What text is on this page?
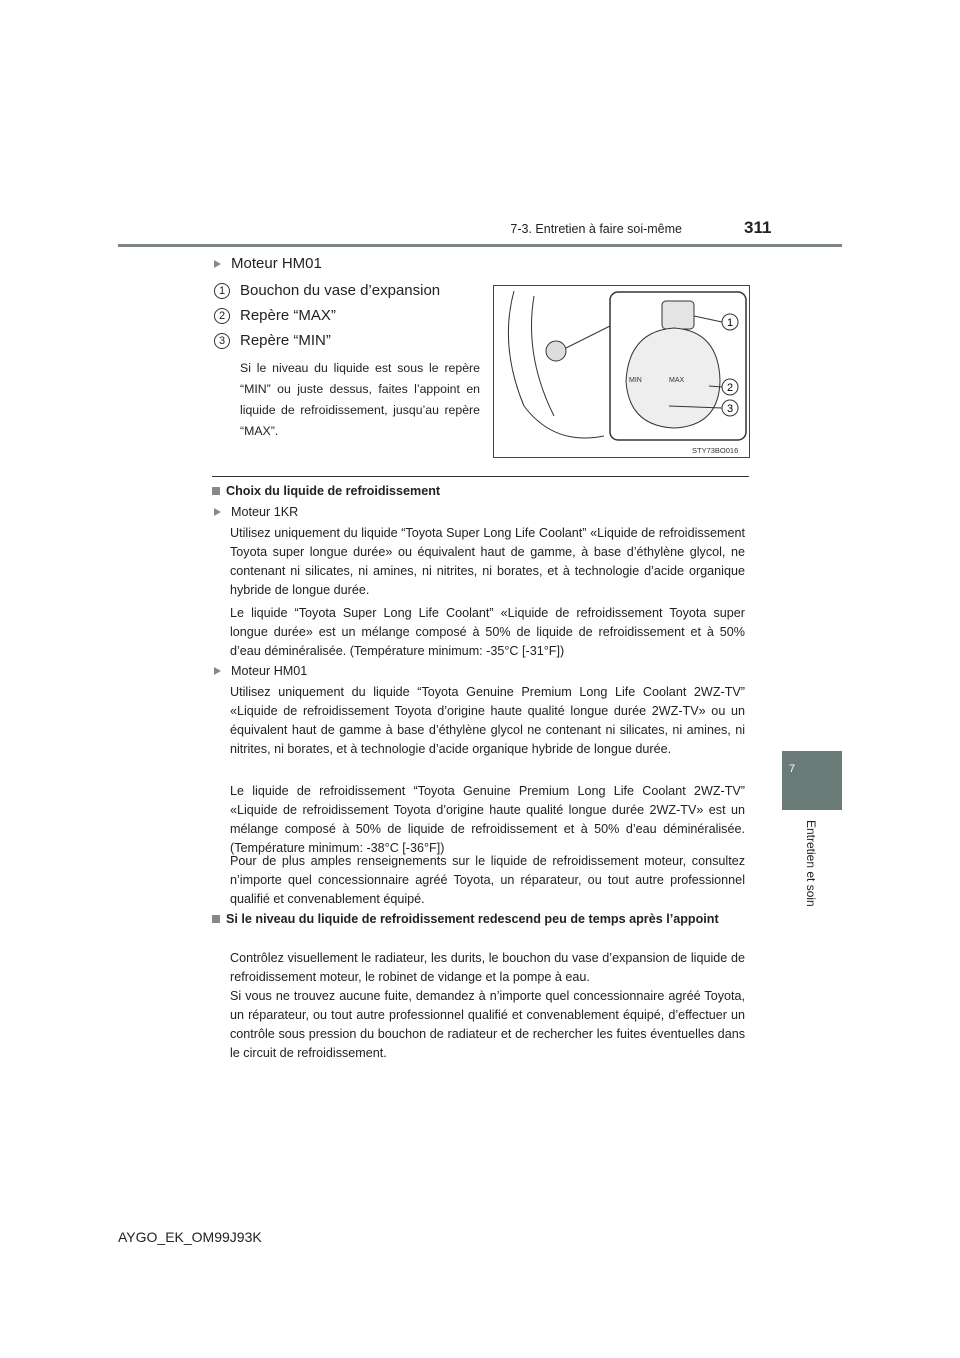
7-3. Entretien à faire soi-même	311
7
Entretien et soin
Moteur HM01
1 Bouchon du vase d’expansion
2 Repère “MAX”
3 Repère “MIN”
Si le niveau du liquide est sous le repère “MIN” ou juste dessus, faites l’appoint en liquide de refroidissement, jusqu’au repère “MAX”.
MIN	MAX
1
2
3
STY73BO016
Choix du liquide de refroidissement
Moteur 1KR
Utilisez uniquement du liquide “Toyota Super Long Life Coolant” «Liquide de refroidissement Toyota super longue durée» ou équivalent haut de gamme, à base d’éthylène glycol, ne contenant ni silicates, ni amines, ni nitrites, ni borates, et à technologie d’acide organique hybride de longue durée.
Le liquide “Toyota Super Long Life Coolant” «Liquide de refroidissement Toyota super longue durée» est un mélange composé à 50% de liquide de refroidissement et à 50% d’eau déminéralisée. (Température minimum: -35°C [-31°F])
Moteur HM01
Utilisez uniquement du liquide “Toyota Genuine Premium Long Life Coolant 2WZ-TV” «Liquide de refroidissement Toyota d’origine haute qualité longue durée 2WZ-TV» ou un équivalent haut de gamme à base d’éthylène glycol ne contenant ni silicates, ni amines, ni nitrites, ni borates, et à technologie d’acide organique hybride de longue durée.
Le liquide de refroidissement “Toyota Genuine Premium Long Life Coolant 2WZ-TV” «Liquide de refroidissement Toyota d’origine haute qualité longue durée 2WZ-TV» est un mélange composé à 50% de liquide de refroidissement et à 50% d’eau déminéralisée. (Température minimum: -38°C [-36°F])
Pour de plus amples renseignements sur le liquide de refroidissement moteur, consultez n’importe quel concessionnaire agréé Toyota, un réparateur, ou tout autre professionnel qualifié et convenablement équipé.
Si le niveau du liquide de refroidissement redescend peu de temps après l’appoint
Contrôlez visuellement le radiateur, les durits, le bouchon du vase d’expansion de liquide de refroidissement moteur, le robinet de vidange et la pompe à eau.
Si vous ne trouvez aucune fuite, demandez à n’importe quel concessionnaire agréé Toyota, un réparateur, ou tout autre professionnel qualifié et convenablement équipé, d’effectuer un contrôle sous pression du bouchon de radiateur et de rechercher les fuites éventuelles dans le circuit de refroidissement.
AYGO_EK_OM99J93K
